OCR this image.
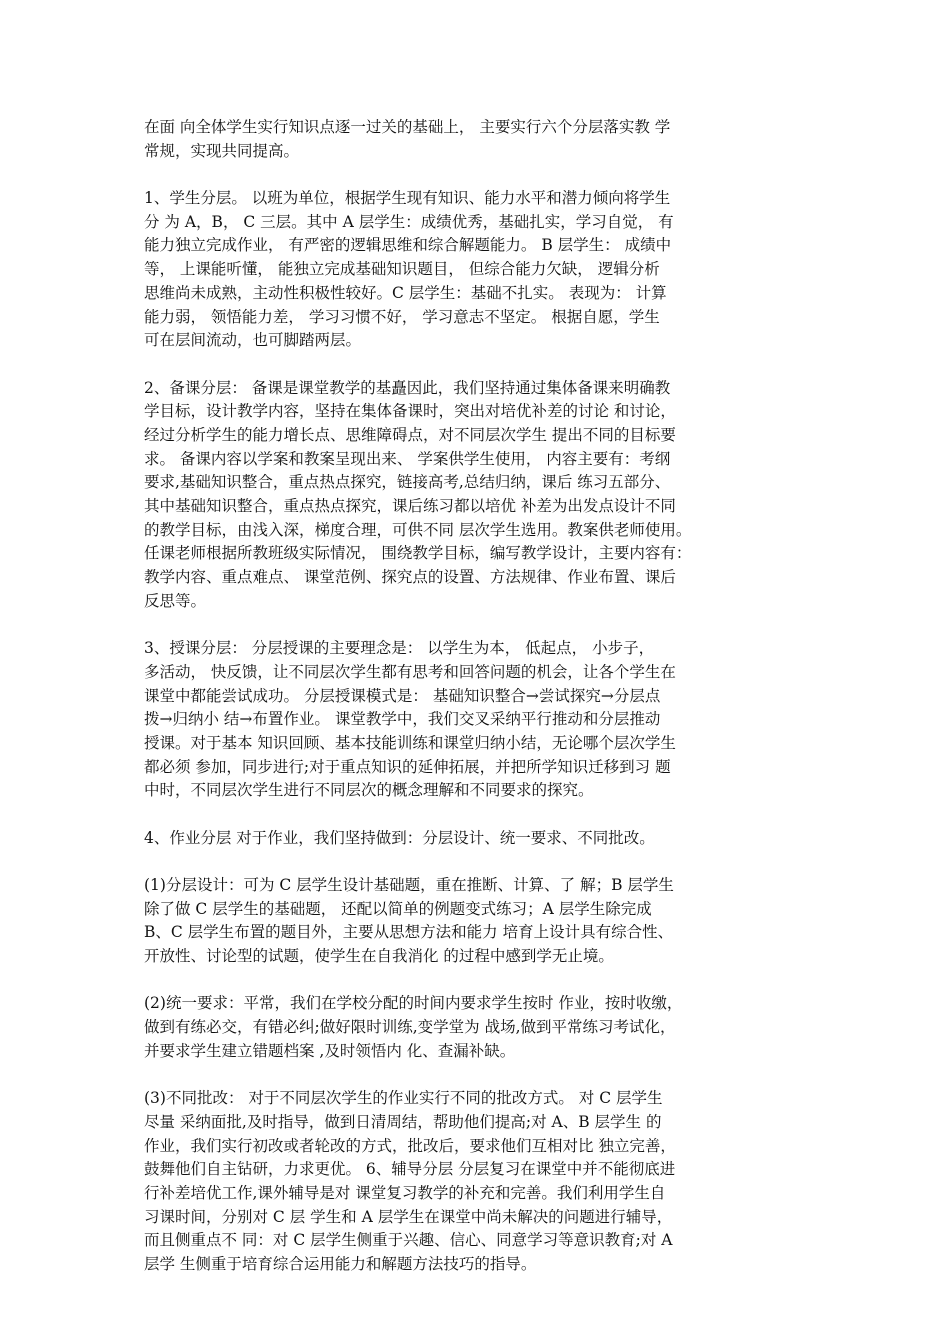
在面 向全体学生实行知识点逐一过关的基础上， 主要实行六个分层落实教 学
常规，实现共同提高。
1、学生分层。 以班为单位，根据学生现有知识、能力水平和潜力倾向将学生
分 为 A，B， C 三层。其中 A 层学生：成绩优秀，基础扎实，学习自觉， 有
能力独立完成作业， 有严密的逻辑思维和综合解题能力。 B 层学生： 成绩中
等， 上课能听懂， 能独立完成基础知识题目， 但综合能力欠缺， 逻辑分析
思维尚未成熟，主动性积极性较好。C 层学生：基础不扎实。 表现为： 计算
能力弱， 领悟能力差， 学习习惯不好， 学习意志不坚定。 根据自愿，学生
可在层间流动，也可脚踏两层。
2、备课分层： 备课是课堂教学的基矗因此，我们坚持通过集体备课来明确教
学目标，设计教学内容，坚持在集体备课时，突出对培优补差的讨论 和讨论，
经过分析学生的能力增长点、思维障碍点，对不同层次学生 提出不同的目标要
求。 备课内容以学案和教案呈现出来、 学案供学生使用， 内容主要有：考纲
要求,基础知识整合，重点热点探究，链接高考,总结归纳，课后 练习五部分、
其中基础知识整合，重点热点探究，课后练习都以培优 补差为出发点设计不同
的教学目标，由浅入深，梯度合理，可供不同 层次学生选用。教案供老师使用。
任课老师根据所教班级实际情况， 围绕教学目标，编写教学设计，主要内容有：
教学内容、重点难点、 课堂范例、探究点的设置、方法规律、作业布置、课后
反思等。
3、授课分层： 分层授课的主要理念是： 以学生为本， 低起点， 小步子，
多活动， 快反馈，让不同层次学生都有思考和回答问题的机会，让各个学生在
课堂中都能尝试成功。 分层授课模式是： 基础知识整合→尝试探究→分层点
拨→归纳小 结→布置作业。 课堂教学中，我们交叉采纳平行推动和分层推动
授课。对于基本 知识回顾、基本技能训练和课堂归纳小结，无论哪个层次学生
都必须 参加，同步进行;对于重点知识的延伸拓展，并把所学知识迁移到习 题
中时，不同层次学生进行不同层次的概念理解和不同要求的探究。
4、作业分层 对于作业，我们坚持做到：分层设计、统一要求、不同批改。
(1)分层设计：可为 C 层学生设计基础题，重在推断、计算、了 解；B 层学生
除了做 C 层学生的基础题， 还配以简单的例题变式练习；A 层学生除完成
B、C 层学生布置的题目外，主要从思想方法和能力 培育上设计具有综合性、
开放性、讨论型的试题，使学生在自我消化 的过程中感到学无止境。
(2)统一要求：平常，我们在学校分配的时间内要求学生按时 作业，按时收缴，
做到有练必交，有错必纠;做好限时训练,变学堂为 战场,做到平常练习考试化，
并要求学生建立错题档案 ,及时领悟内 化、查漏补缺。
(3)不同批改： 对于不同层次学生的作业实行不同的批改方式。 对 C 层学生
尽量 采纳面批,及时指导，做到日清周结，帮助他们提高;对 A、B 层学生 的
作业，我们实行初改或者轮改的方式，批改后，要求他们互相对比 独立完善，
鼓舞他们自主钻研，力求更优。 6、辅导分层 分层复习在课堂中并不能彻底进
行补差培优工作,课外辅导是对 课堂复习教学的补充和完善。我们利用学生自
习课时间，分别对 C 层 学生和 A 层学生在课堂中尚未解决的问题进行辅导，
而且侧重点不 同：对 C 层学生侧重于兴趣、信心、同意学习等意识教育;对 A
层学 生侧重于培育综合运用能力和解题方法技巧的指导。
